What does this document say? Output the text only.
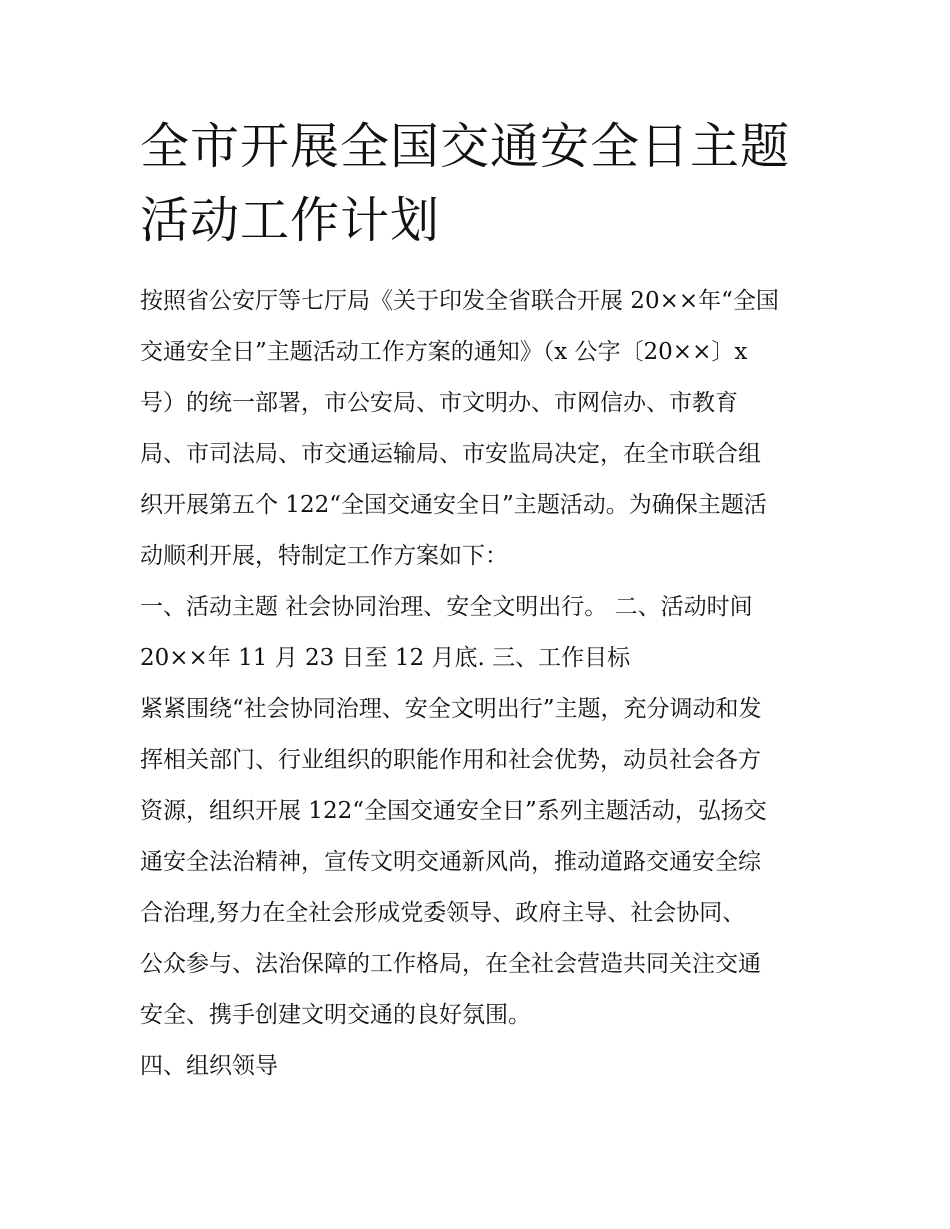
全市开展全国交通安全日主题
活动工作计划

按照省公安厅等七厅局《关于印发全省联合开展 20××年“全国
交通安全日”主题活动工作方案的通知》（x 公字〔20××〕x
号）的统一部署，市公安局、市文明办、市网信办、市教育
局、市司法局、市交通运输局、市安监局决定，在全市联合组
织开展第五个 122“全国交通安全日”主题活动。为确保主题活
动顺利开展，特制定工作方案如下：

一、活动主题 社会协同治理、安全文明出行。 二、活动时间
20××年 11 月 23 日至 12 月底. 三、工作目标

紧紧围绕“社会协同治理、安全文明出行”主题，充分调动和发
挥相关部门、行业组织的职能作用和社会优势，动员社会各方
资源，组织开展 122“全国交通安全日”系列主题活动，弘扬交
通安全法治精神，宣传文明交通新风尚，推动道路交通安全综
合治理,努力在全社会形成党委领导、政府主导、社会协同、
公众参与、法治保障的工作格局，在全社会营造共同关注交通
安全、携手创建文明交通的良好氛围。

四、组织领导
